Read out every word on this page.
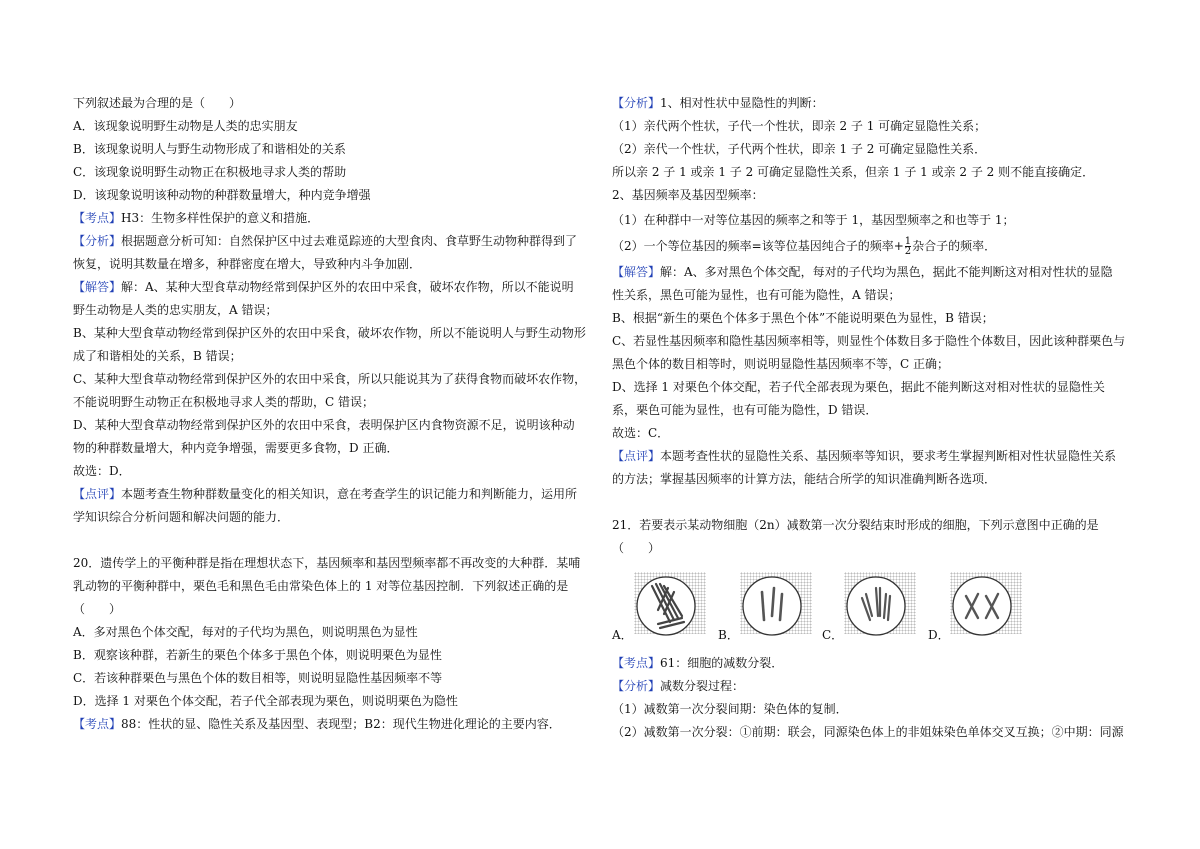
下列叙述最为合理的是（　　）
A．该现象说明野生动物是人类的忠实朋友
B．该现象说明人与野生动物形成了和谐相处的关系
C．该现象说明野生动物正在积极地寻求人类的帮助
D．该现象说明该种动物的种群数量增大，种内竞争增强
【考点】H3：生物多样性保护的意义和措施．
【分析】根据题意分析可知：自然保护区中过去难觅踪迹的大型食肉、食草野生动物种群得到了
恢复，说明其数量在增多，种群密度在增大，导致种内斗争加剧．
【解答】解：A、某种大型食草动物经常到保护区外的农田中采食，破坏农作物，所以不能说明
野生动物是人类的忠实朋友，A 错误；
B、某种大型食草动物经常到保护区外的农田中采食，破坏农作物，所以不能说明人与野生动物形
成了和谐相处的关系，B 错误；
C、某种大型食草动物经常到保护区外的农田中采食，所以只能说其为了获得食物而破坏农作物，
不能说明野生动物正在积极地寻求人类的帮助，C 错误；
D、某种大型食草动物经常到保护区外的农田中采食，表明保护区内食物资源不足，说明该种动
物的种群数量增大，种内竞争增强，需要更多食物，D 正确．
故选：D．
【点评】本题考查生物种群数量变化的相关知识，意在考查学生的识记能力和判断能力，运用所
学知识综合分析问题和解决问题的能力．
20．遗传学上的平衡种群是指在理想状态下，基因频率和基因型频率都不再改变的大种群．某哺
乳动物的平衡种群中，栗色毛和黑色毛由常染色体上的 1 对等位基因控制．下列叙述正确的是
（　　）
A．多对黑色个体交配，每对的子代均为黑色，则说明黑色为显性
B．观察该种群，若新生的栗色个体多于黑色个体，则说明栗色为显性
C．若该种群栗色与黑色个体的数目相等，则说明显隐性基因频率不等
D．选择 1 对栗色个体交配，若子代全部表现为栗色，则说明栗色为隐性
【考点】88：性状的显、隐性关系及基因型、表现型；B2：现代生物进化理论的主要内容．
【分析】1、相对性状中显隐性的判断：
（1）亲代两个性状，子代一个性状，即亲 2 子 1 可确定显隐性关系；
（2）亲代一个性状，子代两个性状，即亲 1 子 2 可确定显隐性关系．
所以亲 2 子 1 或亲 1 子 2 可确定显隐性关系，但亲 1 子 1 或亲 2 子 2 则不能直接确定．
2、基因频率及基因型频率：
（1）在种群中一对等位基因的频率之和等于 1，基因型频率之和也等于 1；
（2）一个等位基因的频率=该等位基因纯合子的频率+ $\frac{1}{2}$ 杂合子的频率．
【解答】解：A、多对黑色个体交配，每对的子代均为黑色，据此不能判断这对相对性状的显隐
性关系，黑色可能为显性，也有可能为隐性，A 错误；
B、根据“新生的栗色个体多于黑色个体”不能说明栗色为显性，B 错误；
C、若显性基因频率和隐性基因频率相等，则显性个体数目多于隐性个体数目，因此该种群栗色与
黑色个体的数目相等时，则说明显隐性基因频率不等，C 正确；
D、选择 1 对栗色个体交配，若子代全部表现为栗色，据此不能判断这对相对性状的显隐性关
系，栗色可能为显性，也有可能为隐性，D 错误．
故选：C．
【点评】本题考查性状的显隐性关系、基因频率等知识，要求考生掌握判断相对性状显隐性关系
的方法；掌握基因频率的计算方法，能结合所学的知识准确判断各选项．
21．若要表示某动物细胞（2n）减数第一次分裂结束时形成的细胞，下列示意图中正确的是
（　　）
A．	B．	C．	D．
【考点】61：细胞的减数分裂．
【分析】减数分裂过程：
（1）减数第一次分裂间期：染色体的复制．
（2）减数第一次分裂：①前期：联会，同源染色体上的非姐妹染色单体交叉互换；②中期：同源
